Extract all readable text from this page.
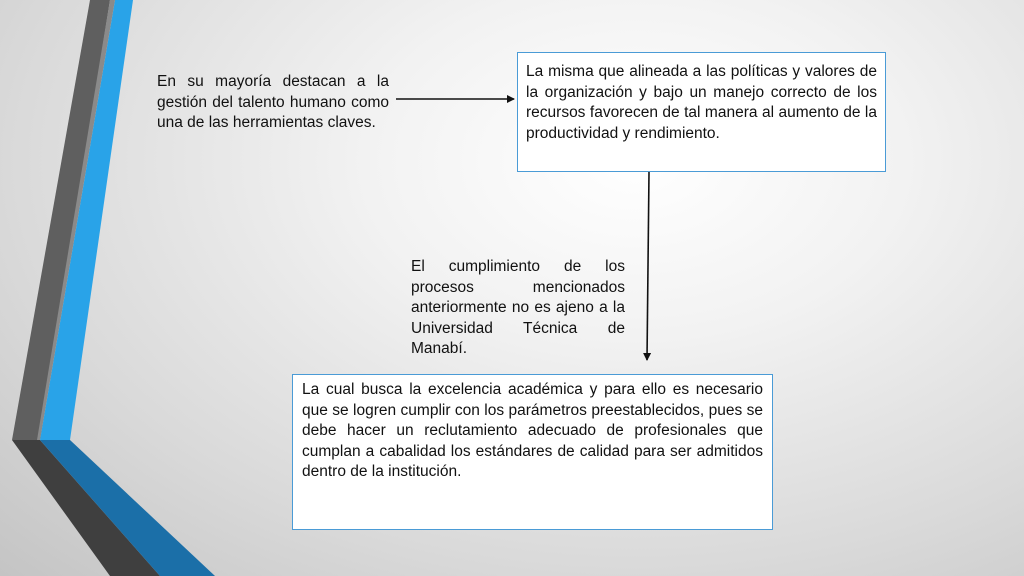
En su mayoría destacan a la gestión del talento humano como una de las herramientas claves.

La misma que alineada a las políticas y valores de la organización y bajo un manejo correcto de los recursos favorecen de tal manera al aumento de la productividad y rendimiento.

El cumplimiento de los procesos mencionados anteriormente no es ajeno a la Universidad Técnica de Manabí.

La cual busca la excelencia académica y para ello es necesario que se logren cumplir con los parámetros preestablecidos, pues se debe hacer un reclutamiento adecuado de profesionales que cumplan a cabalidad los estándares de calidad para ser admitidos dentro de la institución.
